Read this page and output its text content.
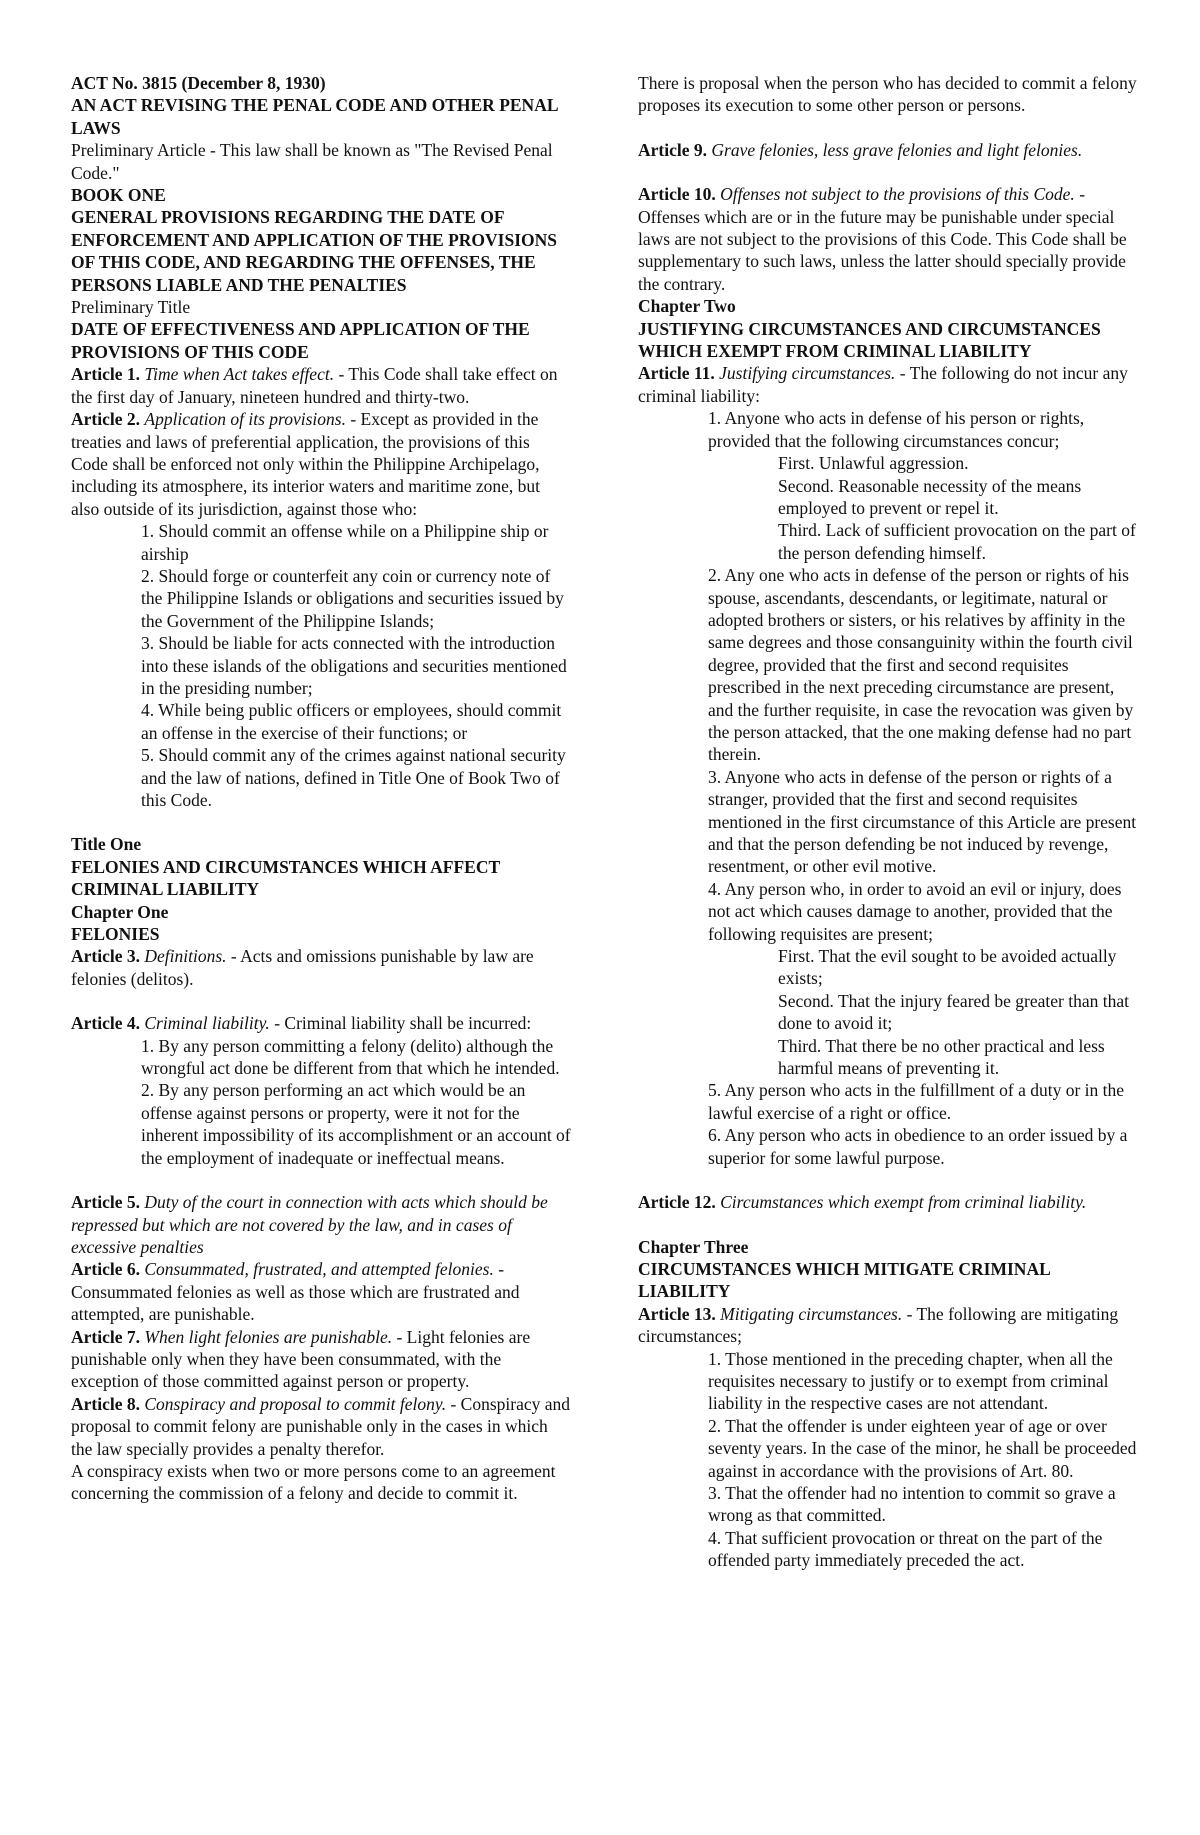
ACT No. 3815 (December 8, 1930)
AN ACT REVISING THE PENAL CODE AND OTHER PENAL LAWS
Preliminary Article - This law shall be known as "The Revised Penal Code."
BOOK ONE
GENERAL PROVISIONS REGARDING THE DATE OF ENFORCEMENT AND APPLICATION OF THE PROVISIONS OF THIS CODE, AND REGARDING THE OFFENSES, THE PERSONS LIABLE AND THE PENALTIES
Preliminary Title
DATE OF EFFECTIVENESS AND APPLICATION OF THE PROVISIONS OF THIS CODE
Article 1. Time when Act takes effect. - This Code shall take effect on the first day of January, nineteen hundred and thirty-two.
Article 2. Application of its provisions. - Except as provided in the treaties and laws of preferential application, the provisions of this Code shall be enforced not only within the Philippine Archipelago, including its atmosphere, its interior waters and maritime zone, but also outside of its jurisdiction, against those who:
1. Should commit an offense while on a Philippine ship or airship
2. Should forge or counterfeit any coin or currency note of the Philippine Islands or obligations and securities issued by the Government of the Philippine Islands;
3. Should be liable for acts connected with the introduction into these islands of the obligations and securities mentioned in the presiding number;
4. While being public officers or employees, should commit an offense in the exercise of their functions; or
5. Should commit any of the crimes against national security and the law of nations, defined in Title One of Book Two of this Code.
Title One
FELONIES AND CIRCUMSTANCES WHICH AFFECT CRIMINAL LIABILITY
Chapter One
FELONIES
Article 3. Definitions. - Acts and omissions punishable by law are felonies (delitos).
Article 4. Criminal liability. - Criminal liability shall be incurred:
1. By any person committing a felony (delito) although the wrongful act done be different from that which he intended.
2. By any person performing an act which would be an offense against persons or property, were it not for the inherent impossibility of its accomplishment or an account of the employment of inadequate or ineffectual means.
Article 5. Duty of the court in connection with acts which should be repressed but which are not covered by the law, and in cases of excessive penalties
Article 6. Consummated, frustrated, and attempted felonies. - Consummated felonies as well as those which are frustrated and attempted, are punishable.
Article 7. When light felonies are punishable. - Light felonies are punishable only when they have been consummated, with the exception of those committed against person or property.
Article 8. Conspiracy and proposal to commit felony. - Conspiracy and proposal to commit felony are punishable only in the cases in which the law specially provides a penalty therefor.
A conspiracy exists when two or more persons come to an agreement concerning the commission of a felony and decide to commit it.
There is proposal when the person who has decided to commit a felony proposes its execution to some other person or persons.
Article 9. Grave felonies, less grave felonies and light felonies.
Article 10. Offenses not subject to the provisions of this Code. - Offenses which are or in the future may be punishable under special laws are not subject to the provisions of this Code. This Code shall be supplementary to such laws, unless the latter should specially provide the contrary.
Chapter Two
JUSTIFYING CIRCUMSTANCES AND CIRCUMSTANCES WHICH EXEMPT FROM CRIMINAL LIABILITY
Article 11. Justifying circumstances. - The following do not incur any criminal liability:
1. Anyone who acts in defense of his person or rights, provided that the following circumstances concur;
First. Unlawful aggression.
Second. Reasonable necessity of the means employed to prevent or repel it.
Third. Lack of sufficient provocation on the part of the person defending himself.
2. Any one who acts in defense of the person or rights of his spouse, ascendants, descendants, or legitimate, natural or adopted brothers or sisters, or his relatives by affinity in the same degrees and those consanguinity within the fourth civil degree, provided that the first and second requisites prescribed in the next preceding circumstance are present, and the further requisite, in case the revocation was given by the person attacked, that the one making defense had no part therein.
3. Anyone who acts in defense of the person or rights of a stranger, provided that the first and second requisites mentioned in the first circumstance of this Article are present and that the person defending be not induced by revenge, resentment, or other evil motive.
4. Any person who, in order to avoid an evil or injury, does not act which causes damage to another, provided that the following requisites are present;
First. That the evil sought to be avoided actually exists;
Second. That the injury feared be greater than that done to avoid it;
Third. That there be no other practical and less harmful means of preventing it.
5. Any person who acts in the fulfillment of a duty or in the lawful exercise of a right or office.
6. Any person who acts in obedience to an order issued by a superior for some lawful purpose.
Article 12. Circumstances which exempt from criminal liability.
Chapter Three
CIRCUMSTANCES WHICH MITIGATE CRIMINAL LIABILITY
Article 13. Mitigating circumstances. - The following are mitigating circumstances;
1. Those mentioned in the preceding chapter, when all the requisites necessary to justify or to exempt from criminal liability in the respective cases are not attendant.
2. That the offender is under eighteen year of age or over seventy years. In the case of the minor, he shall be proceeded against in accordance with the provisions of Art. 80.
3. That the offender had no intention to commit so grave a wrong as that committed.
4. That sufficient provocation or threat on the part of the offended party immediately preceded the act.
